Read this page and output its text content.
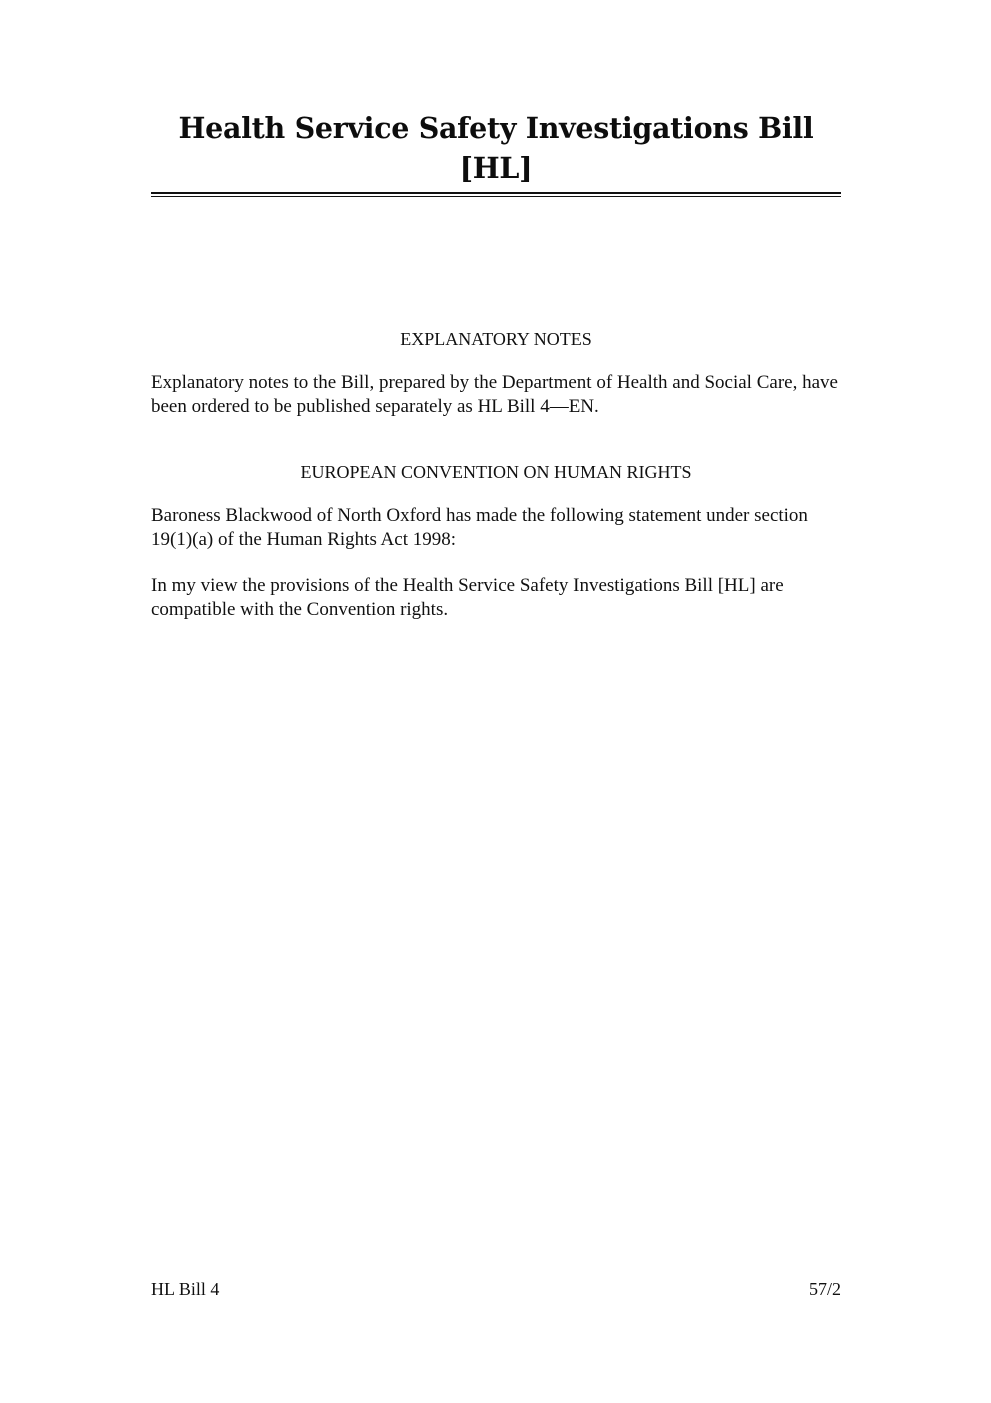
Health Service Safety Investigations Bill [HL]
EXPLANATORY NOTES

Explanatory notes to the Bill, prepared by the Department of Health and Social Care, have been ordered to be published separately as HL Bill 4—EN.

EUROPEAN CONVENTION ON HUMAN RIGHTS

Baroness Blackwood of North Oxford has made the following statement under section 19(1)(a) of the Human Rights Act 1998:

In my view the provisions of the Health Service Safety Investigations Bill [HL] are compatible with the Convention rights.

HL Bill 4	57/2
